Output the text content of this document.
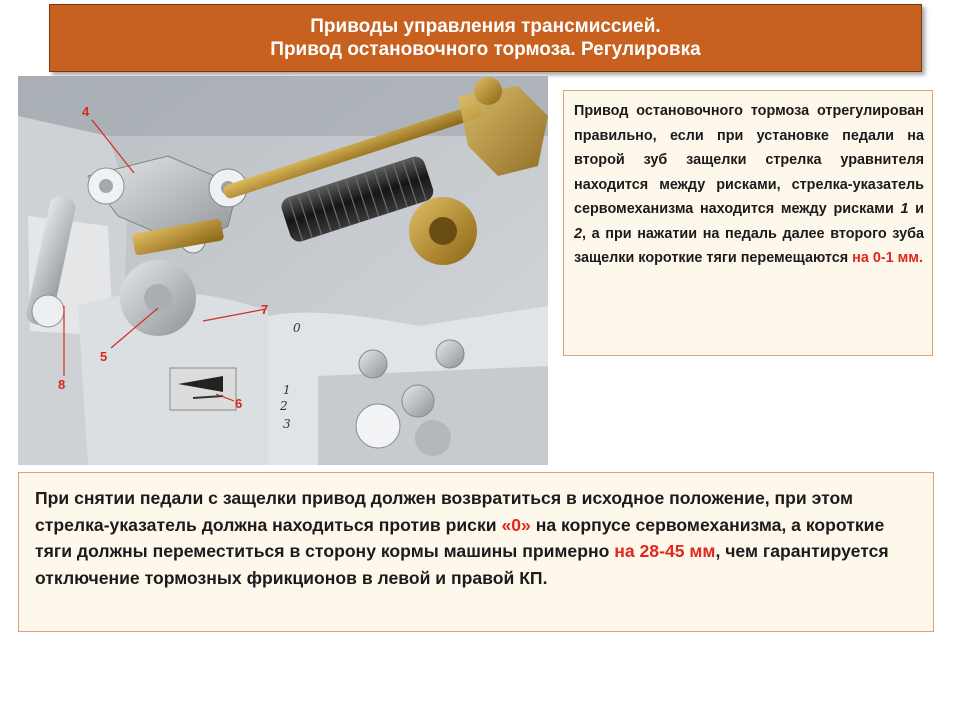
Приводы управления трансмиссией.
Привод остановочного тормоза. Регулировка
4
7
5
8
6
0
1
2
3

Привод остановочного тормоза отрегулирован правильно, если при установке педали на второй зуб защелки стрелка уравнителя находится между рисками, стрелка-указатель сервомеханизма находится между рисками 1 и 2, а при нажатии на педаль далее второго зуба защелки короткие тяги перемещаются на 0-1 мм.

При снятии педали с защелки привод должен возвратиться в исходное положение, при этом стрелка-указатель должна находиться против риски «0» на корпусе сервомеханизма, а короткие тяги должны переместиться в сторону кормы машины примерно на 28-45 мм, чем гарантируется отключение тормозных фрикционов в левой и правой КП.
